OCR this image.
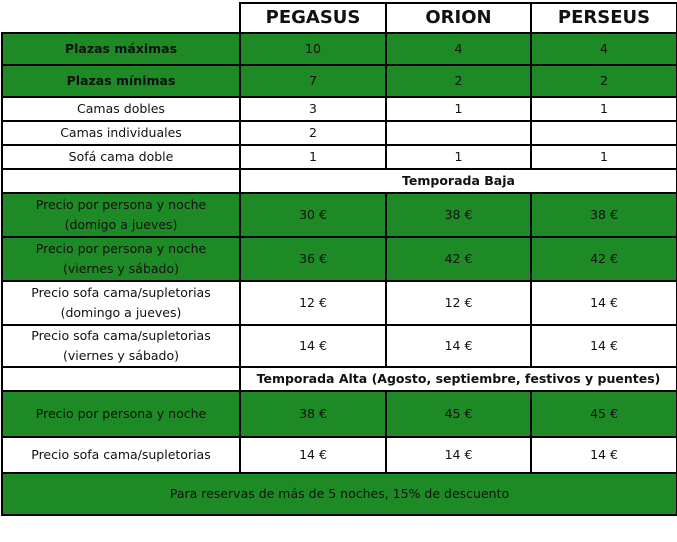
	PEGASUS	ORION	PERSEUS
Plazas máximas	10	4	4
Plazas mínimas	7	2	2
Camas dobles	3	1	1
Camas individuales	2		
Sofá cama doble	1	1	1
	Temporada Baja		
Precio por persona y noche
(domigo a jueves)	30 €	38 €	38 €
Precio por persona y noche
(viernes y sábado)	36 €	42 €	42 €
Precio sofa cama/supletorias
(domingo a jueves)	12 €	12 €	14 €
Precio sofa cama/supletorias
(viernes y sábado)	14 €	14 €	14 €
	Temporada Alta (Agosto, septiembre, festivos y puentes)		
Precio por persona y noche	38 €	45 €	45 €
Precio sofa cama/supletorias	14 €	14 €	14 €
Para reservas de más de 5 noches, 15% de descuento			
